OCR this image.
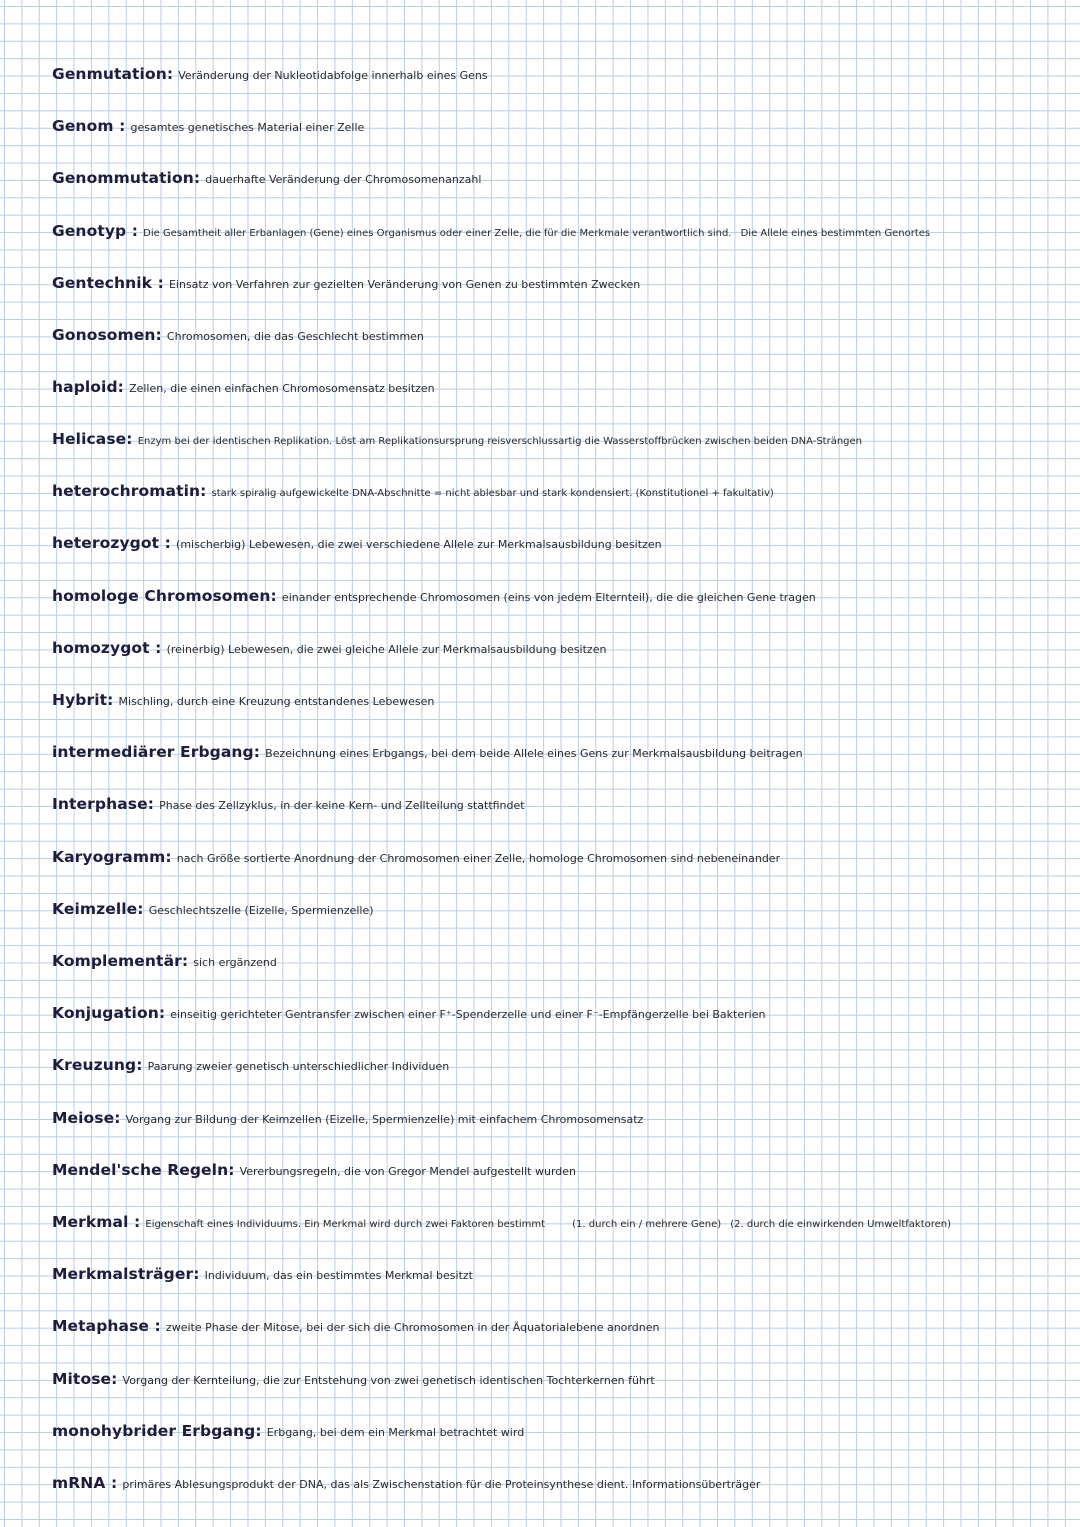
Genmutation: Veränderung der Nukleotidabfolge innerhalb eines Gens
Genom : gesamtes genetisches Material einer Zelle
Genommutation: dauerhafte Veränderung der Chromosomenanzahl
Genotyp : Die Gesamtheit aller Erbanlagen (Gene) eines Organismus oder einer Zelle, die für die Merkmale verantwortlich sind. Die Allele eines bestimmten Genortes
Gentechnik : Einsatz von Verfahren zur gezielten Veränderung von Genen zu bestimmten Zwecken
Gonosomen: Chromosomen, die das Geschlecht bestimmen
haploid: Zellen, die einen einfachen Chromosomensatz besitzen
Helicase: Enzym bei der identischen Replikation. Löst am Replikationsursprung reisverschlussartig die Wasserstoffbrücken zwischen beiden DNA-Strängen
heterochromatin: stark spiralig aufgewickelte DNA-Abschnitte = nicht ablesbar und stark kondensiert. (Konstitutionel + fakultativ)
heterozygot : (mischerbig) Lebewesen, die zwei verschiedene Allele zur Merkmalsausbildung besitzen
homologe Chromosomen: einander entsprechende Chromosomen (eins von jedem Elternteil), die die gleichen Gene tragen
homozygot : (reinerbig) Lebewesen, die zwei gleiche Allele zur Merkmalsausbildung besitzen
Hybrit: Mischling, durch eine Kreuzung entstandenes Lebewesen
intermediärer Erbgang: Bezeichnung eines Erbgangs, bei dem beide Allele eines Gens zur Merkmalsausbildung beitragen
Interphase: Phase des Zellzyklus, in der keine Kern- und Zellteilung stattfindet
Karyogramm: nach Größe sortierte Anordnung der Chromosomen einer Zelle, homologe Chromosomen sind nebeneinander
Keimzelle: Geschlechtszelle (Eizelle, Spermienzelle)
Komplementär: sich ergänzend
Konjugation: einseitig gerichteter Gentransfer zwischen einer F⁺-Spenderzelle und einer F⁻-Empfängerzelle bei Bakterien
Kreuzung: Paarung zweier genetisch unterschiedlicher Individuen
Meiose: Vorgang zur Bildung der Keimzellen (Eizelle, Spermienzelle) mit einfachem Chromosomensatz
Mendel'sche Regeln: Vererbungsregeln, die von Gregor Mendel aufgestellt wurden
Merkmal : Eigenschaft eines Individuums. Ein Merkmal wird durch zwei Faktoren bestimmt	(1. durch ein / mehrere Gene) (2. durch die einwirkenden Umweltfaktoren)
Merkmalsträger: Individuum, das ein bestimmtes Merkmal besitzt
Metaphase : zweite Phase der Mitose, bei der sich die Chromosomen in der Äquatorialebene anordnen
Mitose: Vorgang der Kernteilung, die zur Entstehung von zwei genetisch identischen Tochterkernen führt
monohybrider Erbgang: Erbgang, bei dem ein Merkmal betrachtet wird
mRNA : primäres Ablesungsprodukt der DNA, das als Zwischenstation für die Proteinsynthese dient. Informationsüberträger
